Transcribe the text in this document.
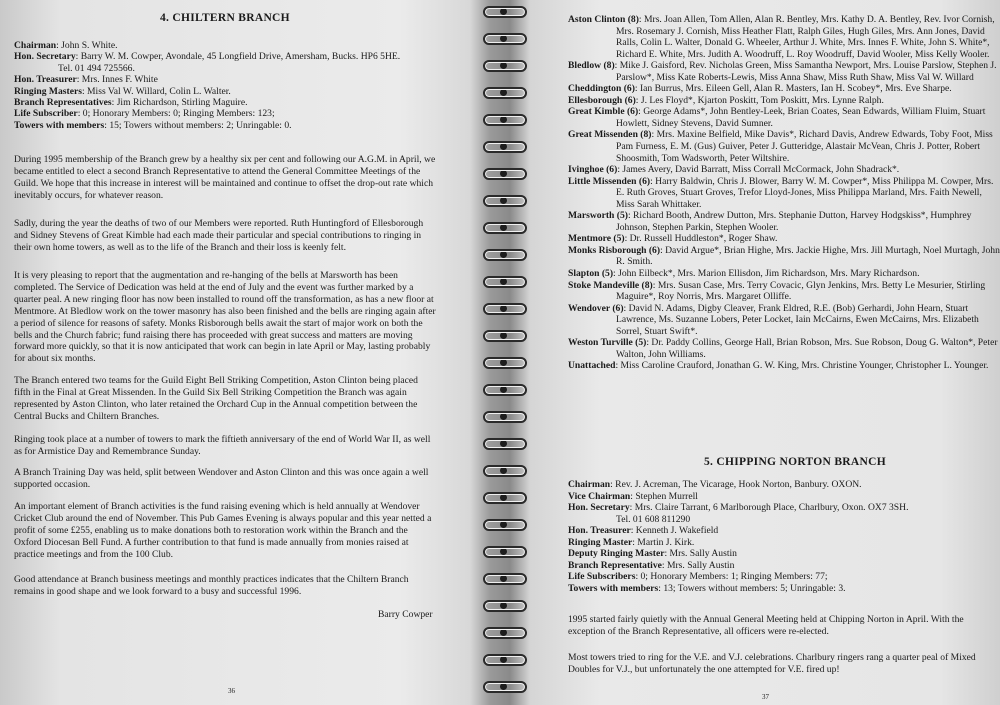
4. CHILTERN BRANCH
Chairman: John S. White.
Hon. Secretary: Barry W. M. Cowper, Avondale, 45 Longfield Drive, Amersham, Bucks. HP6 5HE.
Tel. 01 494 725566.
Hon. Treasurer: Mrs. Innes F. White
Ringing Masters: Miss Val W. Willard, Colin L. Walter.
Branch Representatives: Jim Richardson, Stirling Maguire.
Life Subscriber: 0; Honorary Members: 0; Ringing Members: 123;
Towers with members: 15; Towers without members: 2; Unringable: 0.
During 1995 membership of the Branch grew by a healthy six per cent and following our A.G.M. in April, we became entitled to elect a second Branch Representative to attend the General Committee Meetings of the Guild. We hope that this increase in interest will be maintained and continue to offset the drop-out rate which inevitably occurs, for whatever reason.
Sadly, during the year the deaths of two of our Members were reported. Ruth Huntingford of Ellesborough and Sidney Stevens of Great Kimble had each made their particular and special contributions to ringing in their own home towers, as well as to the life of the Branch and their loss is keenly felt.
It is very pleasing to report that the augmentation and re-hanging of the bells at Marsworth has been completed. The Service of Dedication was held at the end of July and the event was further marked by a quarter peal. A new ringing floor has now been installed to round off the transformation, as has a new floor at Mentmore. At Bledlow work on the tower masonry has also been finished and the bells are ringing again after a period of silence for reasons of safety. Monks Risborough bells await the start of major work on both the bells and the Church fabric; fund raising there has proceeded with great success and matters are moving forward more quickly, so that it is now anticipated that work can begin in late April or May, lasting probably for about six months.
The Branch entered two teams for the Guild Eight Bell Striking Competition, Aston Clinton being placed fifth in the Final at Great Missenden. In the Guild Six Bell Striking Competition the Branch was again represented by Aston Clinton, who later retained the Orchard Cup in the Annual competition between the Central Bucks and Chiltern Branches.
Ringing took place at a number of towers to mark the fiftieth anniversary of the end of World War II, as well as for Armistice Day and Remembrance Sunday.
A Branch Training Day was held, split between Wendover and Aston Clinton and this was once again a well supported occasion.
An important element of Branch activities is the fund raising evening which is held annually at Wendover Cricket Club around the end of November. This Pub Games Evening is always popular and this year netted a profit of some £255, enabling us to make donations both to restoration work within the Branch and the Oxford Diocesan Bell Fund. A further contribution to that fund is made annually from monies raised at practice meetings and from the 100 Club.
Good attendance at Branch business meetings and monthly practices indicates that the Chiltern Branch remains in good shape and we look forward to a busy and successful 1996.
Barry Cowper
36

Aston Clinton (8): Mrs. Joan Allen, Tom Allen, Alan R. Bentley, Mrs. Kathy D. A. Bentley, Rev. Ivor Cornish, Mrs. Rosemary J. Cornish, Miss Heather Flatt, Ralph Giles, Hugh Giles, Mrs. Ann Jones, David Ralls, Colin L. Walter, Donald G. Wheeler, Arthur J. White, Mrs. Innes F. White, John S. White*, Richard E. White, Mrs. Judith A. Woodruff, L. Roy Woodruff, David Wooler, Miss Kelly Wooler.

Bledlow (8): Mike J. Gaisford, Rev. Nicholas Green, Miss Samantha Newport, Mrs. Louise Parslow, Stephen J. Parslow*, Miss Kate Roberts-Lewis, Miss Anna Shaw, Miss Ruth Shaw, Miss Val W. Willard

Cheddington (6): Ian Burrus, Mrs. Eileen Gell, Alan R. Masters, Ian H. Scobey*, Mrs. Eve Sharpe.

Ellesborough (6): J. Les Floyd*, Kjarton Poskitt, Tom Poskitt, Mrs. Lynne Ralph.

Great Kimble (6): George Adams*, John Bentley-Leek, Brian Coates, Sean Edwards, William Fluim, Stuart Howlett, Sidney Stevens, David Sumner.

Great Missenden (8): Mrs. Maxine Belfield, Mike Davis*, Richard Davis, Andrew Edwards, Toby Foot, Miss Pam Furness, E. M. (Gus) Guiver, Peter J. Gutteridge, Alastair McVean, Chris J. Potter, Robert Shoosmith, Tom Wadsworth, Peter Wiltshire.

Ivinghoe (6): James Avery, David Barratt, Miss Corrall McCormack, John Shadrack*.

Little Missenden (6): Harry Baldwin, Chris J. Blower, Barry W. M. Cowper*, Miss Philippa M. Cowper, Mrs. E. Ruth Groves, Stuart Groves, Trefor Lloyd-Jones, Miss Philippa Marland, Mrs. Faith Newell, Miss Sarah Whittaker.

Marsworth (5): Richard Booth, Andrew Dutton, Mrs. Stephanie Dutton, Harvey Hodgskiss*, Humphrey Johnson, Stephen Parkin, Stephen Wooler.

Mentmore (5): Dr. Russell Huddleston*, Roger Shaw.

Monks Risborough (6): David Argue*, Brian Highe, Mrs. Jackie Highe, Mrs. Jill Murtagh, Noel Murtagh, John R. Smith.

Slapton (5): John Eilbeck*, Mrs. Marion Ellisdon, Jim Richardson, Mrs. Mary Richardson.

Stoke Mandeville (8): Mrs. Susan Case, Mrs. Terry Covacic, Glyn Jenkins, Mrs. Betty Le Mesurier, Stirling Maguire*, Roy Norris, Mrs. Margaret Olliffe.

Wendover (6): David N. Adams, Digby Cleaver, Frank Eldred, R.E. (Bob) Gerhardi, John Hearn, Stuart Lawrence, Ms. Suzanne Lobers, Peter Locket, Iain McCairns, Ewen McCairns, Mrs. Elizabeth Sorrel, Stuart Swift*.

Weston Turville (5): Dr. Paddy Collins, George Hall, Brian Robson, Mrs. Sue Robson, Doug G. Walton*, Peter Walton, John Williams.

Unattached: Miss Caroline Crauford, Jonathan G. W. King, Mrs. Christine Younger, Christopher L. Younger.

5. CHIPPING NORTON BRANCH
Chairman: Rev. J. Acreman, The Vicarage, Hook Norton, Banbury. OXON.
Vice Chairman: Stephen Murrell
Hon. Secretary: Mrs. Claire Tarrant, 6 Marlborough Place, Charlbury, Oxon. OX7 3SH.
Tel. 01 608 811290
Hon. Treasurer: Kenneth J. Wakefield
Ringing Master: Martin J. Kirk.
Deputy Ringing Master: Mrs. Sally Austin
Branch Representative: Mrs. Sally Austin
Life Subscribers: 0; Honorary Members: 1; Ringing Members: 77;
Towers with members: 13; Towers without members: 5; Unringable: 3.
1995 started fairly quietly with the Annual General Meeting held at Chipping Norton in April. With the exception of the Branch Representative, all officers were re-elected.
Most towers tried to ring for the V.E. and V.J. celebrations. Charlbury ringers rang a quarter peal of Mixed Doubles for V.J., but unfortunately the one attempted for V.E. fired up!
37
